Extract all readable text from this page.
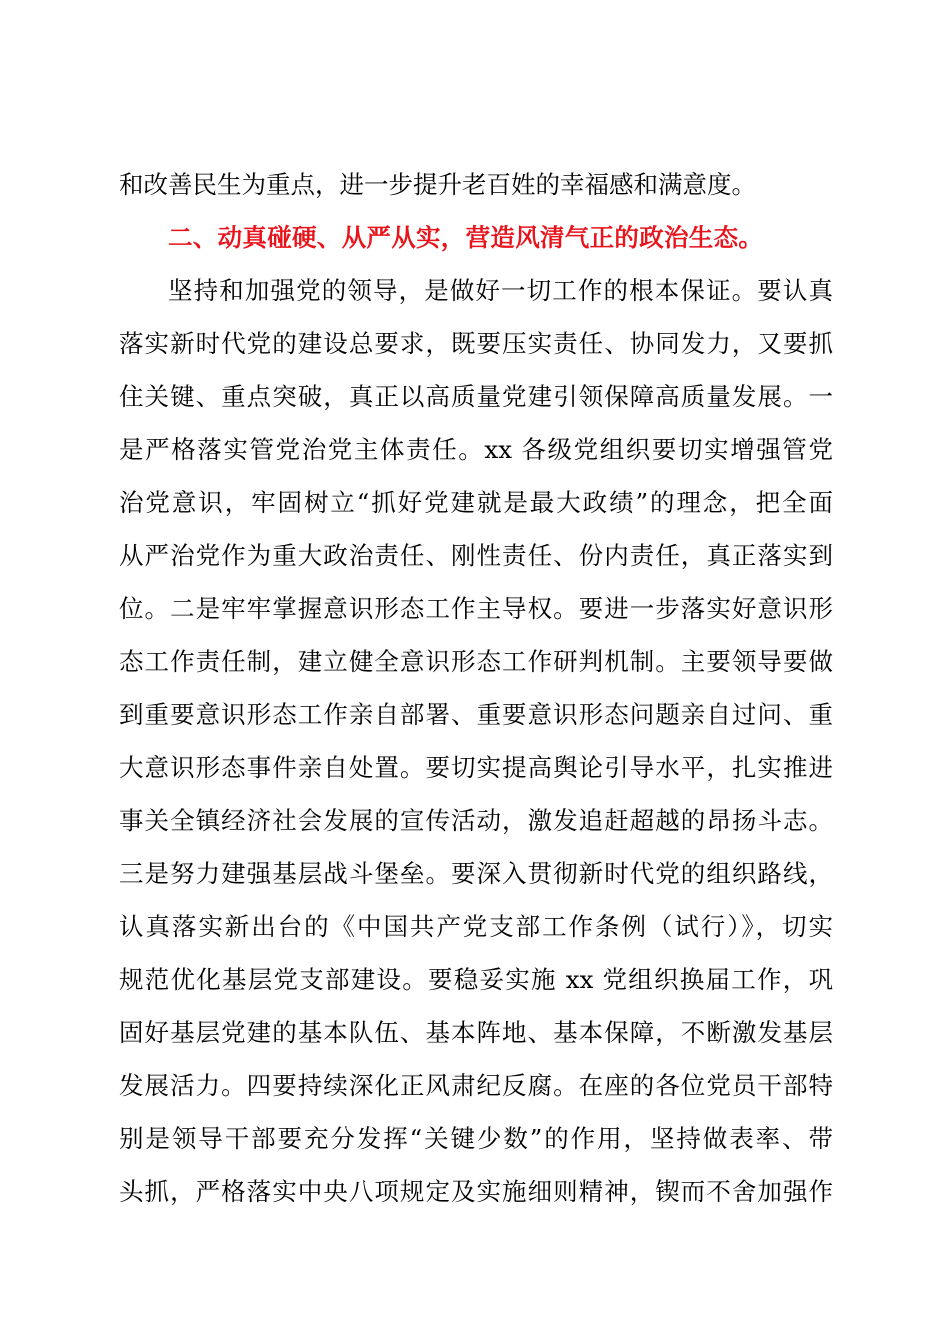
和改善民生为重点，进一步提升老百姓的幸福感和满意度。
二、动真碰硬、从严从实，营造风清气正的政治生态。
坚持和加强党的领导，是做好一切工作的根本保证。要认真
落实新时代党的建设总要求，既要压实责任、协同发力，又要抓
住关键、重点突破，真正以高质量党建引领保障高质量发展。一
是严格落实管党治党主体责任。xx 各级党组织要切实增强管党
治党意识，牢固树立“抓好党建就是最大政绩”的理念，把全面
从严治党作为重大政治责任、刚性责任、份内责任，真正落实到
位。二是牢牢掌握意识形态工作主导权。要进一步落实好意识形
态工作责任制，建立健全意识形态工作研判机制。主要领导要做
到重要意识形态工作亲自部署、重要意识形态问题亲自过问、重
大意识形态事件亲自处置。要切实提高舆论引导水平，扎实推进
事关全镇经济社会发展的宣传活动，激发追赶超越的昂扬斗志。
三是努力建强基层战斗堡垒。要深入贯彻新时代党的组织路线，
认真落实新出台的《中国共产党支部工作条例（试行）》，切实
规范优化基层党支部建设。要稳妥实施 xx 党组织换届工作，巩
固好基层党建的基本队伍、基本阵地、基本保障，不断激发基层
发展活力。四要持续深化正风肃纪反腐。在座的各位党员干部特
别是领导干部要充分发挥“关键少数”的作用，坚持做表率、带
头抓，严格落实中央八项规定及实施细则精神，锲而不舍加强作
